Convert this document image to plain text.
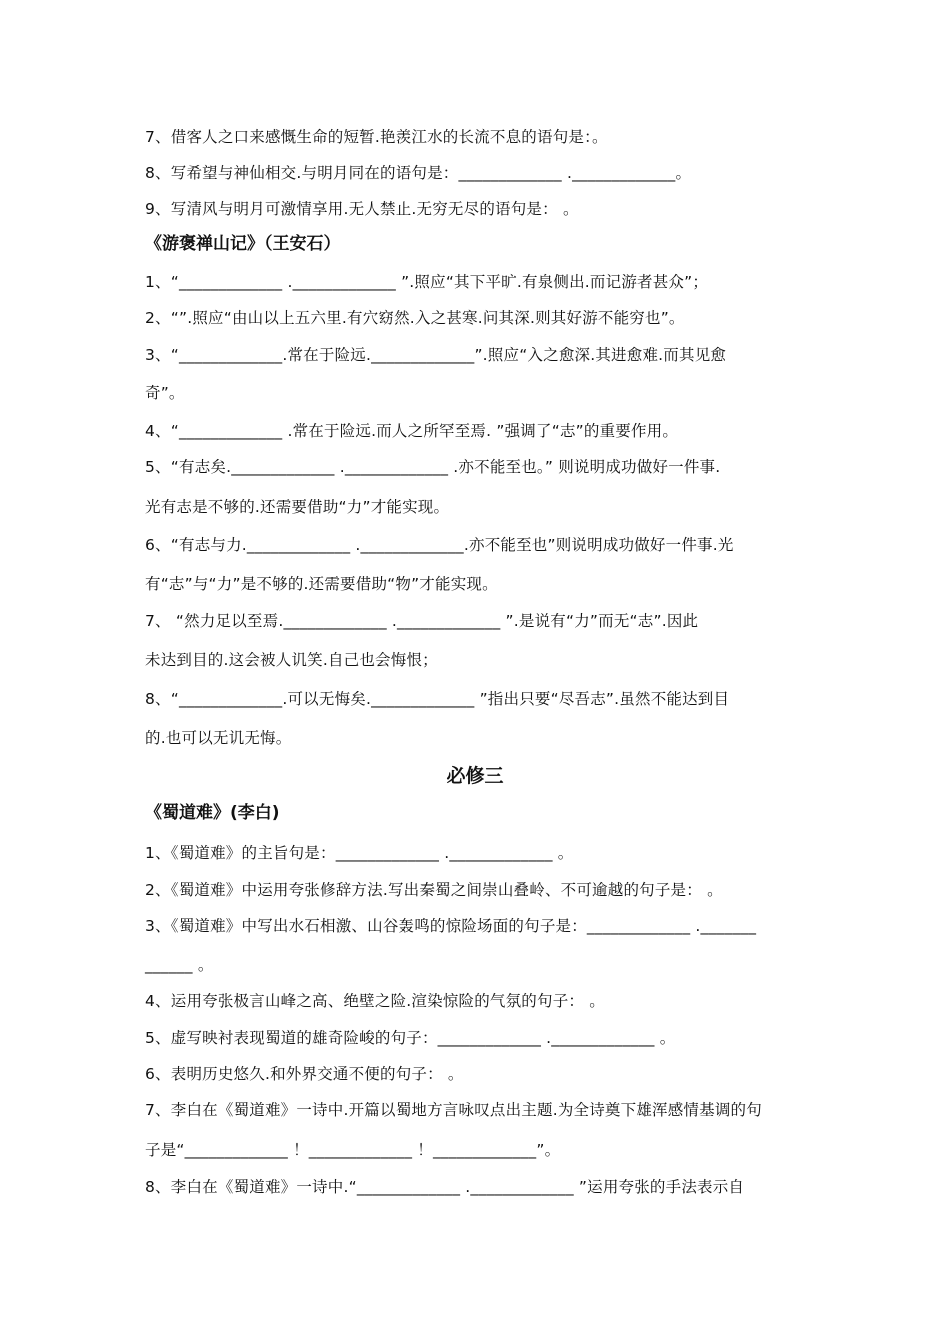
7、借客人之口来感慨生命的短暂.艳羡江水的长流不息的语句是：。
8、写希望与神仙相交.与明月同在的语句是：_____________ ._____________。
9、写清风与明月可激情享用.无人禁止.无穷无尽的语句是： 。
《游褒禅山记》（王安石）
1、“_____________ ._____________ ”.照应“其下平旷.有泉侧出.而记游者甚众”；
2、“”.照应“由山以上五六里.有穴窈然.入之甚寒.问其深.则其好游不能穷也”。
3、“_____________.常在于险远._____________”.照应“入之愈深.其进愈难.而其见愈
奇”。
4、“_____________ .常在于险远.而人之所罕至焉. ”强调了“志”的重要作用。
5、“有志矣._____________ ._____________ .亦不能至也。” 则说明成功做好一件事.
光有志是不够的.还需要借助“力”才能实现。
6、“有志与力._____________ ._____________.亦不能至也”则说明成功做好一件事.光
有“志”与“力”是不够的.还需要借助“物”才能实现。
7、 “然力足以至焉._____________ ._____________ ”.是说有“力”而无“志”.因此
未达到目的.这会被人讥笑.自己也会悔恨；
8、“_____________.可以无悔矣._____________ ”指出只要“尽吾志”.虽然不能达到目
的.也可以无讥无悔。
必修三
《蜀道难》(李白)
1、《蜀道难》的主旨句是：_____________ ._____________ 。
2、《蜀道难》中运用夸张修辞方法.写出秦蜀之间崇山叠岭、不可逾越的句子是： 。
3、《蜀道难》中写出水石相激、山谷轰鸣的惊险场面的句子是：_____________ ._______
______ 。
4、运用夸张极言山峰之高、绝壁之险.渲染惊险的气氛的句子： 。
5、虚写映衬表现蜀道的雄奇险峻的句子：_____________ ._____________ 。
6、表明历史悠久.和外界交通不便的句子： 。
7、李白在《蜀道难》一诗中.开篇以蜀地方言咏叹点出主题.为全诗奠下雄浑感情基调的句
子是“_____________ ！_____________ ！_____________”。
8、李白在《蜀道难》一诗中.“_____________ ._____________ ”运用夸张的手法表示自
